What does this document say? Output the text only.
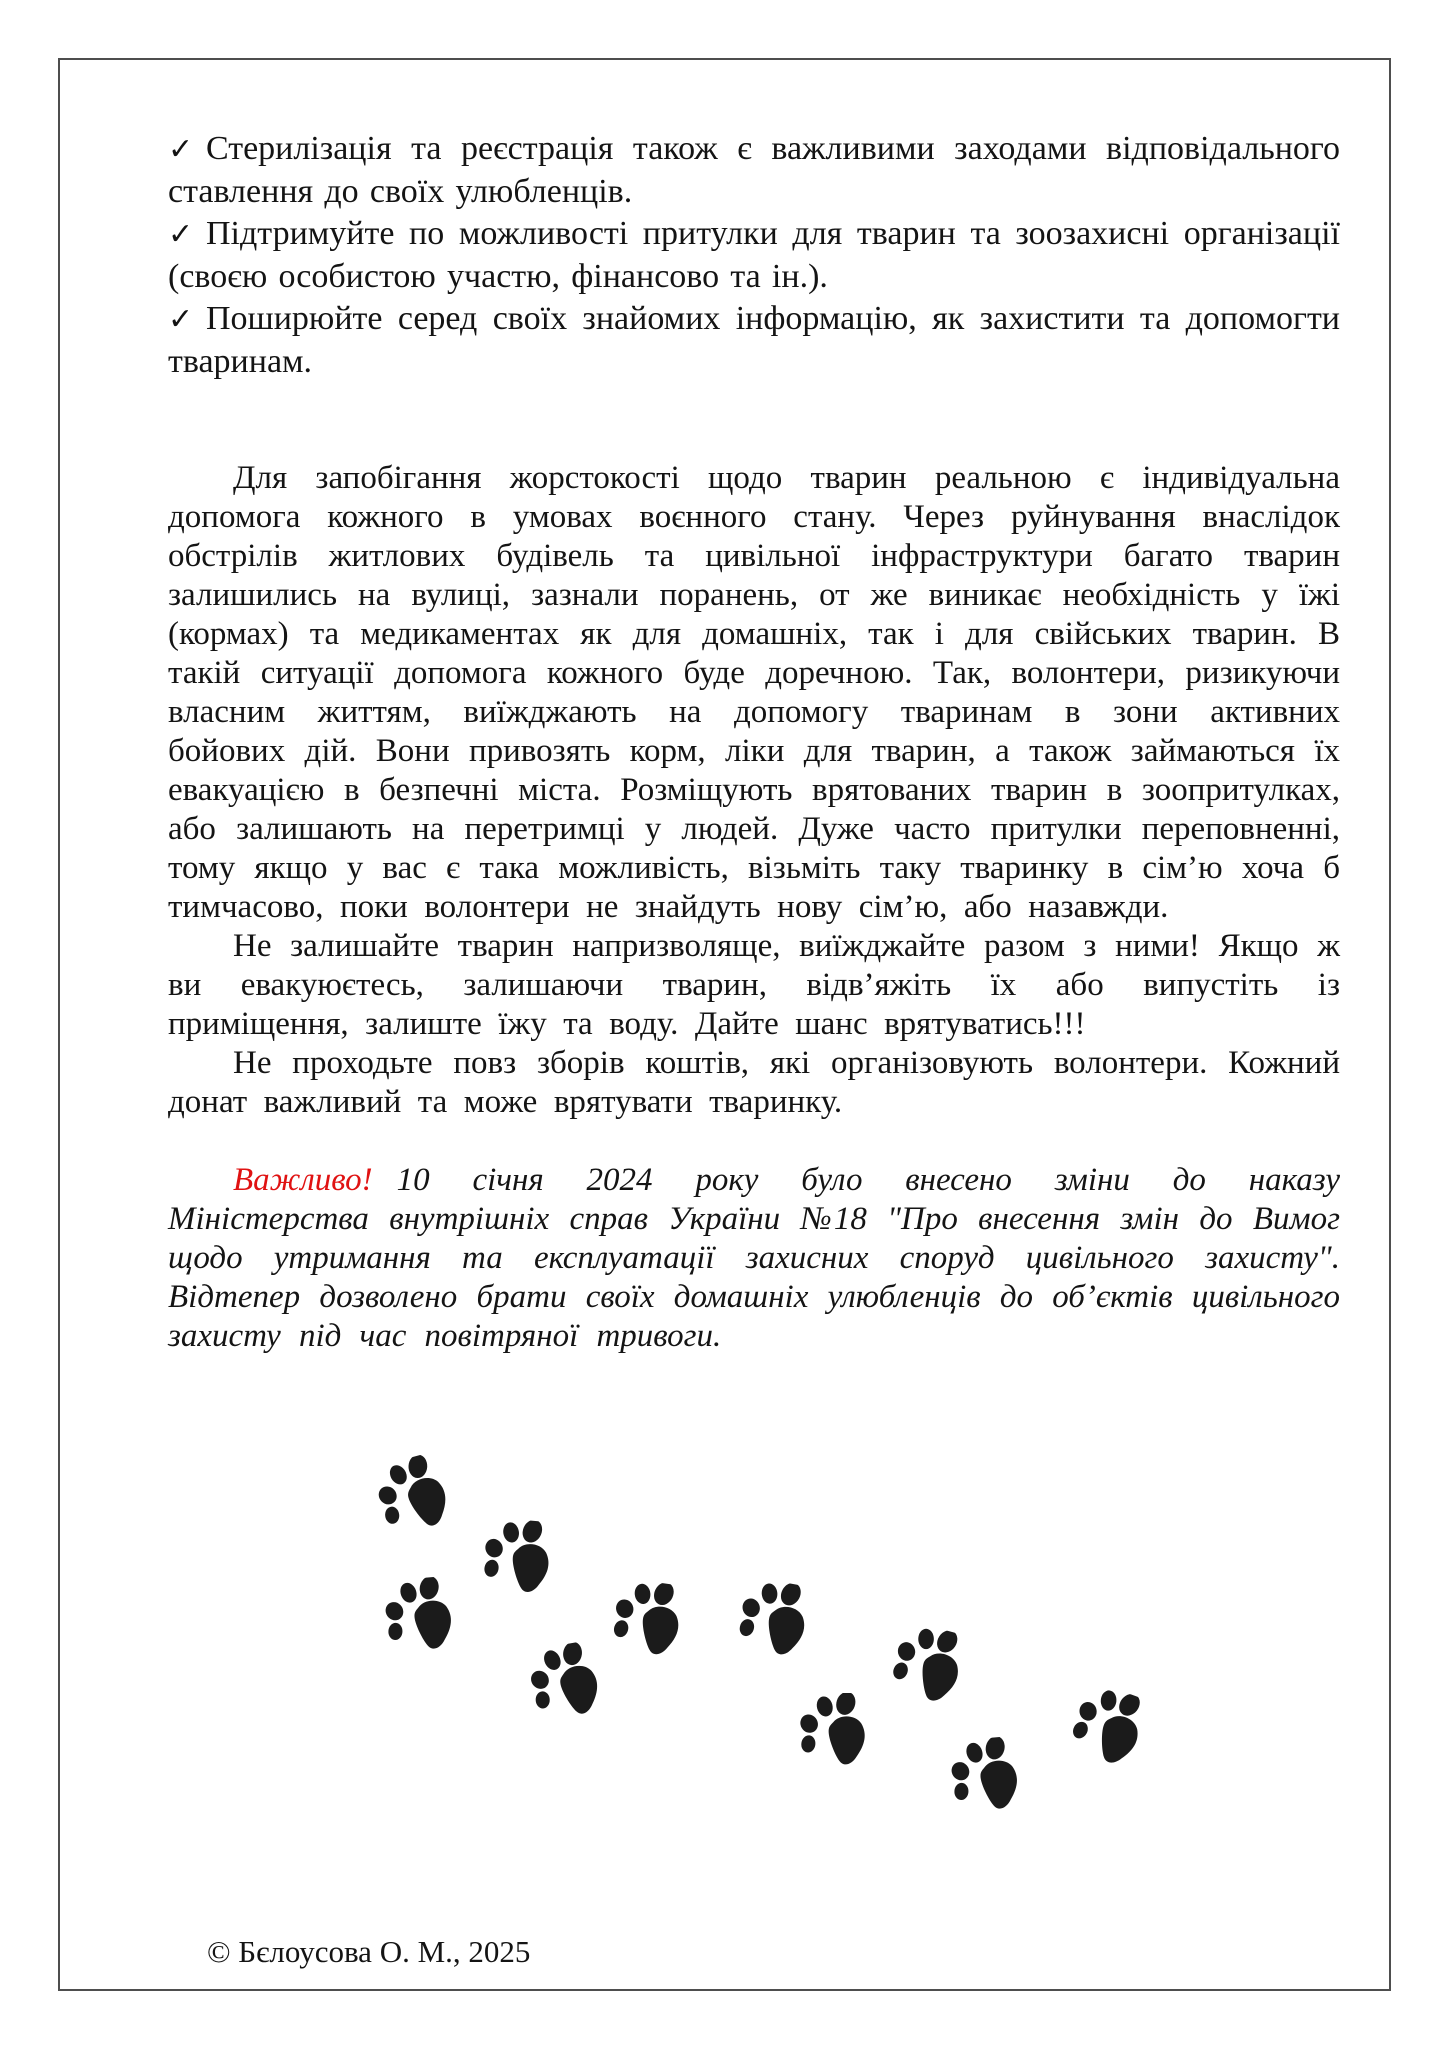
✓ Стерилізація та реєстрація також є важливими заходами відповідального ставлення до своїх улюбленців.
✓ Підтримуйте по можливості притулки для тварин та зоозахисні організації (своєю особистою участю, фінансово та ін.).
✓ Поширюйте серед своїх знайомих інформацію, як захистити та допомогти тваринам.

Для запобігання жорстокості щодо тварин реальною є індивідуальна допомога кожного в умовах воєнного стану. Через руйнування внаслідок обстрілів житлових будівель та цивільної інфраструктури багато тварин залишились на вулиці, зазнали поранень, от же виникає необхідність у їжі (кормах) та медикаментах як для домашніх, так і для свійських тварин. В такій ситуації допомога кожного буде доречною. Так, волонтери, ризикуючи власним життям, виїжджають на допомогу тваринам в зони активних бойових дій. Вони привозять корм, ліки для тварин, а також займаються їх евакуацією в безпечні міста. Розміщують врятованих тварин в зоопритулках, або залишають на перетримці у людей. Дуже часто притулки переповненні, тому якщо у вас є така можливість, візьміть таку тваринку в сім’ю хоча б тимчасово, поки волонтери не знайдуть нову сім’ю, або назавжди.

Не залишайте тварин напризволяще, виїжджайте разом з ними! Якщо ж ви евакуюєтесь, залишаючи тварин, відв’яжіть їх або випустіть із приміщення, залиште їжу та воду. Дайте шанс врятуватись!!!

Не проходьте повз зборів коштів, які організовують волонтери. Кожний донат важливий та може врятувати тваринку.

Важливо! 10 січня 2024 року було внесено зміни до наказу Міністерства внутрішніх справ України №18 "Про внесення змін до Вимог щодо утримання та експлуатації захисних споруд цивільного захисту". Відтепер дозволено брати своїх домашніх улюбленців до об’єктів цивільного захисту під час повітряної тривоги.

© Бєлоусова О. М., 2025
